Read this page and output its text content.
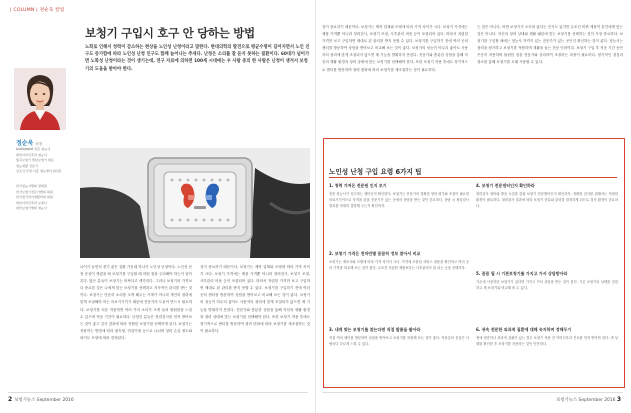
| COLUMN | 정순욱 칼럼
보청기 구입시 호구 안 당하는 방법
노화로 인해서 청력이 감소하는 현상을 노인성 난청이라고 말한다. 현대의학의 발전으로 평균수명이 길어지면서 노인 인구도 증가함에 따라 노인성 난청 인구도 함께 늘어나는 추세다. 난청은 소리를 잘 듣지 못하는 질환이다. 60대가 넘어가면 노화성 난청이라는 것이 생기는데, 연구 자료에 의하면 100세 시대에는 우 사람 중의 한 사람은 난청이 생겨서 보청기의 도움을 받아야 한다.
정순욱 원장
Audiologist 전문 청능사
대한이비인후과 청능사
월곡보청기 센텀보청기 대표
청능재활 전문가
김포서 부천 시흥 청능센터 (본관)
한국청능사협회 정회원
한국보청기전문가협회 회원
한국청각언어재활학회 회원
대한이비인후과 보청사
대한보청기협회 청능사
나이가 들면서 겪기 싫은 질환 가운데 하나가 노인성 난청이다. 노인성 난청 증상이 생겼을 때 보청기를 구입할 때 어떤 점을 주의해야 하는지 알아본다. 많은 분들이 보청기는 비싸다고 생각한다. 그러나 보청기의 가격보다 중요한 것은 나에게 맞는 보청기를 선택하고 지속적인 관리를 받는 것이다. 보청기는 단순히 소리를 크게 해주는 기계가 아니라 개인의 청력에 맞게 조절해야 하는 의료기기이기 때문에 전문가의 도움이 반드시 필요하다. 보청기를 처음 착용하면 여러 가지 소리가 크게 들려 불편함을 느낄 수 있으며 적응 기간이 필요하다. 난청인 분들은 청력검사를 먼저 받아보는 것이 좋고 검사 결과에 따라 적합한 보청기를 선택하게 된다. 보청기는 착용하는 방법에 따라 귓속형, 귀걸이형 등으로 나뉘며 청력 손실 정도와 외이도 모양에 따라 결정된다.
것이 중요하기 때문이다. 보청기는 제작 업체와 모델에 따라 가격 차이가 크다. 보청기 가격에는 제품 가격뿐 아니라 청력검사, 보청기 조절, 사후관리 비용 등이 포함되어 있다. 따라서 저렴한 가격만 보고 구입하면 제대로 된 관리를 받지 못할 수 있다. 보청기를 구입하기 전에 여러 곳의 센터를 방문하여 상담을 받아보고 비교해 보는 것이 좋다. 보청기의 성능이 아무리 좋아도 사용자의 청력에 맞게 조절되지 않으면 제 기능을 발휘하지 못한다. 전문가와 충분한 상담을 통해 자신의 생활 환경과 청력 상태에 맞는 보청기를 선택해야 한다. 또한 보청기 착용 후에도 정기적으로 센터를 방문하여 청력 변화에 따라 보청기를 재조절하는 것이 필요하다.
것이 중요하기 때문이다. 보청기는 제작 업체와 모델에 따라 가격 차이가 크다. 보청기 가격에는 제품 가격뿐 아니라 청력검사, 보청기 조절, 사후관리 비용 등이 포함되어 있다. 따라서 저렴한 가격만 보고 구입하면 제대로 된 관리를 받지 못할 수 있다. 보청기를 구입하기 전에 여러 곳의 센터를 방문하여 상담을 받아보고 비교해 보는 것이 좋다. 보청기의 성능이 아무리 좋아도 사용자의 청력에 맞게 조절되지 않으면 제 기능을 발휘하지 못한다. 전문가와 충분한 상담을 통해 자신의 생활 환경과 청력 상태에 맞는 보청기를 선택해야 한다. 또한 보청기 착용 후에도 정기적으로 센터를 방문하여 청력 변화에 따라 보청기를 재조절하는 것이 필요하다.
는 점은 아니다. 비싼 보청기가 오히려 좋다는 인식도 있지만 무조건 비싼 제품이 본인에게 맞는 것은 아니다. 자신의 청력 상태와 생활 패턴에 맞는 보청기를 선택하는 것이 가장 중요하다. 보청기를 구입할 때에는 청능사 자격이 있는 전문가가 있는 곳인지 확인하는 것이 좋다. 청능사는 청력을 평가하고 보청기를 적합하며 재활을 돕는 전문 인력이다. 보청기 구입 후 적응 기간 동안 꾸준히 착용하며 불편한 점을 전문가와 상의하여 조절하는 과정이 필요하다. 정기적인 점검과 청소를 통해 보청기를 오래 사용할 수 있다.
노인성 난청 구입 요령 6가지 팁
1. 청력 가져온 전문원 인지 보기
전문 청능사가 상주하는 센터인지 확인한다. 보청기는 전문가의 정확한 청력 평가와 조절이 필요한 의료기기이므로 자격을 갖춘 전문가가 있는 곳에서 상담을 받는 것이 중요하다. 상담 시 청력검사 결과를 자세히 설명해 주는지 확인하자.
2. 보청기 가격은 천차만별 꼼꼼히 정보 찾아서 비교
보청기는 제조사와 모델에 따라 가격 차이가 크다. 가격에 포함된 서비스 내용을 확인하고 여러 곳의 가격을 비교해 보는 것이 좋다. 무조건 저렴한 제품보다는 사후관리가 잘 되는 곳을 선택하자.
3. 내게 맞는 보청기를 찾는다면 직접 발품을 팔아라
직접 여러 센터를 방문하여 상담을 받아보고 보청기를 착용해 보는 것이 좋다. 착용감과 음질은 사람마다 다르게 느낄 수 있다.
4. 보청기 전문센터인지 확인하라
청력검사 장비와 방음 시설을 갖춘 보청기 전문센터인지 확인하자. 정확한 검사를 위해서는 적절한 환경이 필요하다. 청력검사 결과에 따라 보청기 종류와 출력을 결정하게 되므로 검사 환경이 중요하다.
5. 꼼꼼 될 시 기본보청기를 가지고 가서 상담받아라
기존에 사용하던 보청기가 있다면 가지고 가서 상담을 받는 것이 좋다. 기존 보청기의 상태를 점검하고 새 보청기와 비교해 볼 수 있다.
6. 귀속 전문한 외과적 질환에 대해 숙지하며 정해두기
귀에 염증이나 외과적 질환이 있는 경우 보청기 착용 전 이비인후과 진료를 먼저 받아야 한다. 귀 상태를 확인한 후 보청기를 착용하는 것이 안전하다.
2 보청기뉴스 September 2016	보청기뉴스 September 2016 3
